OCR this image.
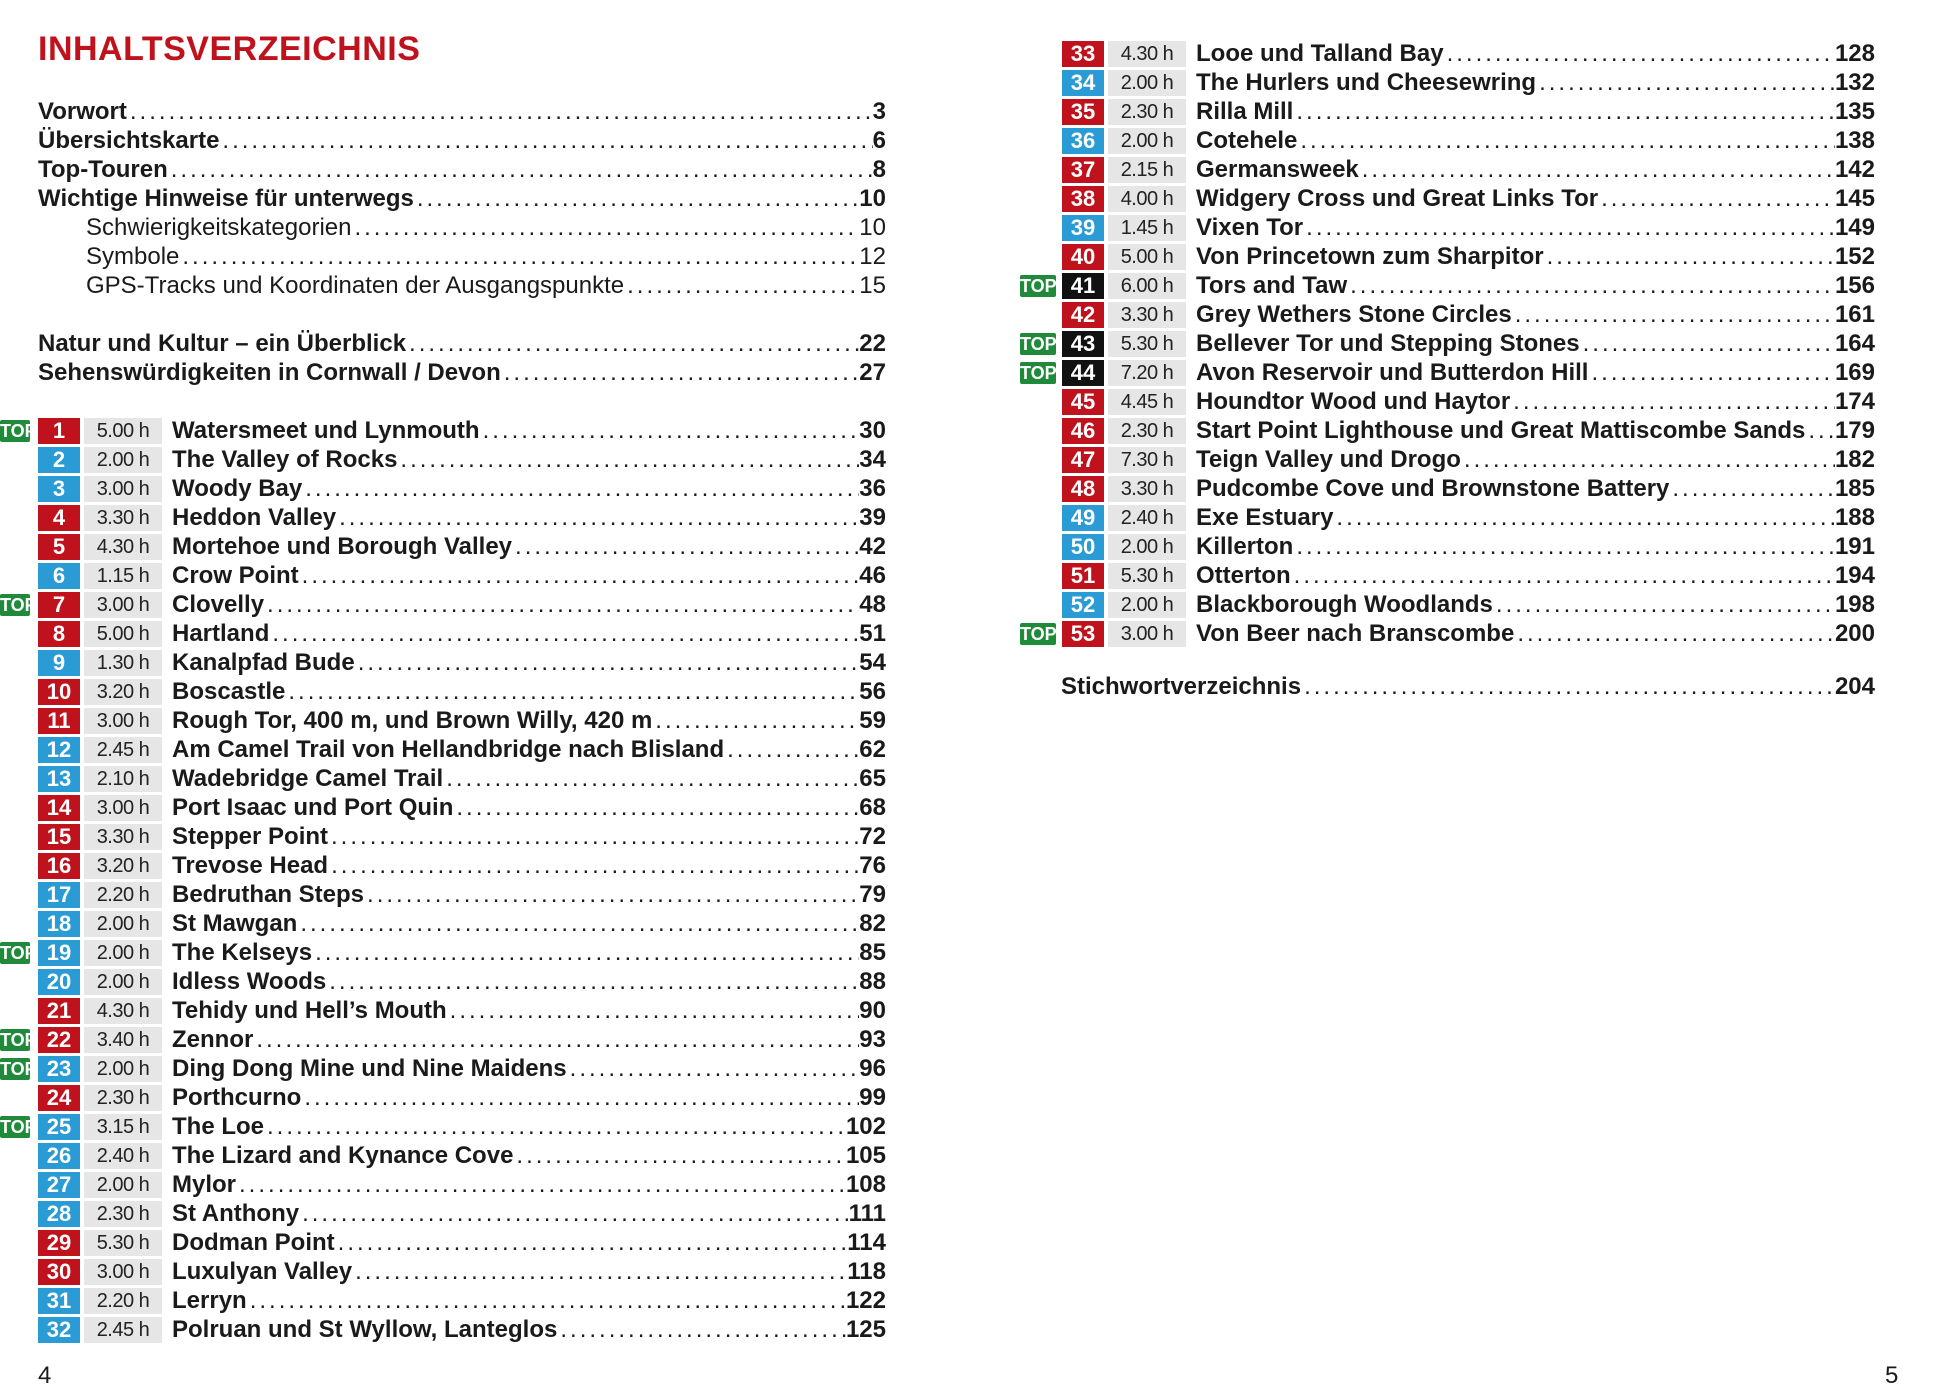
INHALTSVERZEICHNIS
Vorwort .....	3
Übersichtskarte .....	6
Top-Touren .....	8
Wichtige Hinweise für unterwegs .....	10
Schwierigkeitskategorien .....	10
Symbole .....	12
GPS-Tracks und Koordinaten der Ausgangspunkte .....	15
Natur und Kultur – ein Überblick .....	22
Sehenswürdigkeiten in Cornwall / Devon .....	27
TOP 1	5.00 h Watersmeet und Lynmouth .....	30
2	2.00 h The Valley of Rocks .....	34
3	3.00 h Woody Bay .....	36
4	3.30 h Heddon Valley .....	39
5	4.30 h Mortehoe und Borough Valley .....	42
6	1.15 h Crow Point .....	46
TOP 7	3.00 h Clovelly .....	48
8	5.00 h Hartland .....	51
9	1.30 h Kanalpfad Bude .....	54
10	3.20 h Boscastle .....	56
11	3.00 h Rough Tor, 400 m, und Brown Willy, 420 m .....	59
12	2.45 h Am Camel Trail von Hellandbridge nach Blisland .....	62
13	2.10 h Wadebridge Camel Trail .....	65
14	3.00 h Port Isaac und Port Quin .....	68
15	3.30 h Stepper Point .....	72
16	3.20 h Trevose Head .....	76
17	2.20 h Bedruthan Steps .....	79
18	2.00 h St Mawgan .....	82
TOP 19	2.00 h The Kelseys .....	85
20	2.00 h Idless Woods .....	88
21	4.30 h Tehidy und Hell’s Mouth .....	90
TOP 22	3.40 h Zennor .....	93
TOP 23	2.00 h Ding Dong Mine und Nine Maidens .....	96
24	2.30 h Porthcurno .....	99
TOP 25	3.15 h The Loe .....	102
26	2.40 h The Lizard and Kynance Cove .....	105
27	2.00 h Mylor .....	108
28	2.30 h St Anthony .....	111
29	5.30 h Dodman Point .....	114
30	3.00 h Luxulyan Valley .....	118
31	2.20 h Lerryn .....	122
32	2.45 h Polruan und St Wyllow, Lanteglos .....	125
4
33	4.30 h Looe und Talland Bay .....	128
34	2.00 h The Hurlers und Cheesewring .....	132
35	2.30 h Rilla Mill .....	135
36	2.00 h Cotehele .....	138
37	2.15 h Germansweek .....	142
38	4.00 h Widgery Cross und Great Links Tor .....	145
39	1.45 h Vixen Tor .....	149
40	5.00 h Von Princetown zum Sharpitor .....	152
TOP 41	6.00 h Tors and Taw .....	156
42	3.30 h Grey Wethers Stone Circles .....	161
TOP 43	5.30 h Bellever Tor und Stepping Stones .....	164
TOP 44	7.20 h Avon Reservoir und Butterdon Hill .....	169
45	4.45 h Houndtor Wood und Haytor .....	174
46	2.30 h Start Point Lighthouse und Great Mattiscombe Sands ..... 179
47	7.30 h Teign Valley und Drogo .....	182
48	3.30 h Pudcombe Cove und Brownstone Battery .....	185
49	2.40 h Exe Estuary .....	188
50	2.00 h Killerton .....	191
51	5.30 h Otterton .....	194
52	2.00 h Blackborough Woodlands .....	198
TOP 53	3.00 h Von Beer nach Branscombe .....	200
Stichwortverzeichnis .....	204
5
